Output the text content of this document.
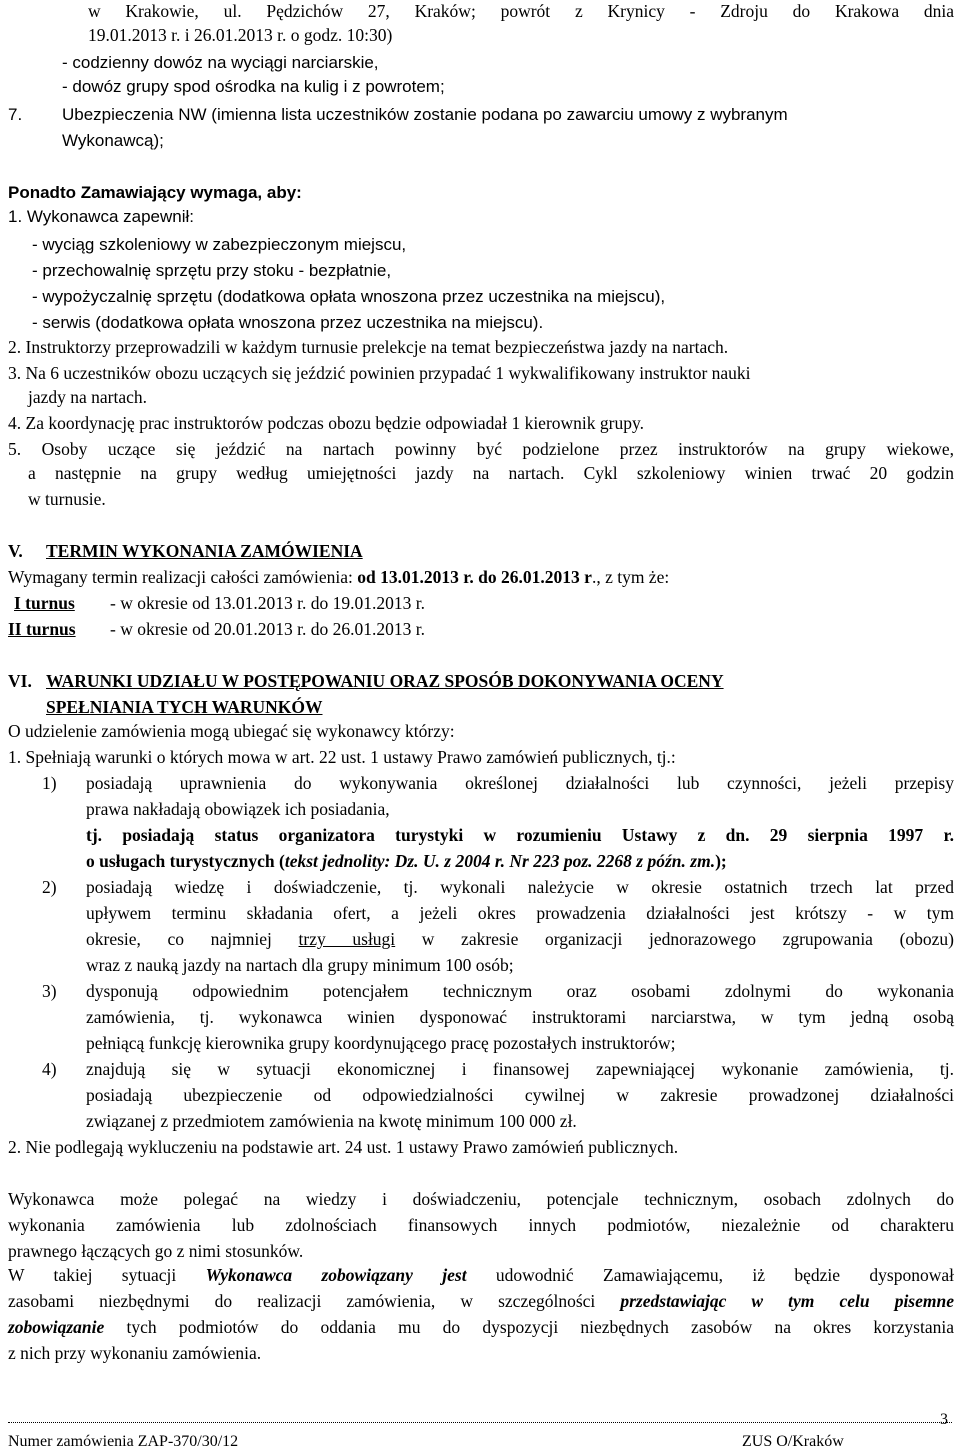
w Krakowie, ul. Pędzichów 27, Kraków; powrót z Krynicy - Zdroju do Krakowa dnia
19.01.2013 r. i 26.01.2013 r. o godz. 10:30)
- codzienny dowóz na wyciągi narciarskie,
- dowóz grupy spod ośrodka na kulig i z powrotem;
7. Ubezpieczenia NW (imienna lista uczestników zostanie podana po zawarciu umowy z wybranym
Wykonawcą);
Ponadto Zamawiający wymaga, aby:
1. Wykonawca zapewnił:
- wyciąg szkoleniowy w zabezpieczonym miejscu,
- przechowalnię sprzętu przy stoku - bezpłatnie,
- wypożyczalnię sprzętu (dodatkowa opłata wnoszona przez uczestnika na miejscu),
- serwis (dodatkowa opłata wnoszona przez uczestnika na miejscu).
2. Instruktorzy przeprowadzili w każdym turnusie prelekcje na temat bezpieczeństwa jazdy na nartach.
3. Na 6 uczestników obozu uczących się jeździć powinien przypadać 1 wykwalifikowany instruktor nauki
jazdy na nartach.
4. Za koordynację prac instruktorów podczas obozu będzie odpowiadał 1 kierownik grupy.
5. Osoby uczące się jeździć na nartach powinny być podzielone przez instruktorów na grupy wiekowe,
a następnie na grupy według umiejętności jazdy na nartach. Cykl szkoleniowy winien trwać 20 godzin
w turnusie.
V. TERMIN WYKONANIA ZAMÓWIENIA
Wymagany termin realizacji całości zamówienia: od 13.01.2013 r. do 26.01.2013 r., z tym że:
I turnus - w okresie od 13.01.2013 r. do 19.01.2013 r.
II turnus - w okresie od 20.01.2013 r. do 26.01.2013 r.
VI. WARUNKI UDZIAŁU W POSTĘPOWANIU ORAZ SPOSÓB DOKONYWANIA OCENY
SPEŁNIANIA TYCH WARUNKÓW
O udzielenie zamówienia mogą ubiegać się wykonawcy którzy:
1. Spełniają warunki o których mowa w art. 22 ust. 1 ustawy Prawo zamówień publicznych, tj.:
1) posiadają uprawnienia do wykonywania określonej działalności lub czynności, jeżeli przepisy
prawa nakładają obowiązek ich posiadania,
tj. posiadają status organizatora turystyki w rozumieniu Ustawy z dn. 29 sierpnia 1997 r.
o usługach turystycznych (tekst jednolity: Dz. U. z 2004 r. Nr 223 poz. 2268 z późn. zm.);
2) posiadają wiedzę i doświadczenie, tj. wykonali należycie w okresie ostatnich trzech lat przed
upływem terminu składania ofert, a jeżeli okres prowadzenia działalności jest krótszy - w tym
okresie, co najmniej trzy usługi w zakresie organizacji jednorazowego zgrupowania (obozu)
wraz z nauką jazdy na nartach dla grupy minimum 100 osób;
3) dysponują odpowiednim potencjałem technicznym oraz osobami zdolnymi do wykonania
zamówienia, tj. wykonawca winien dysponować instruktorami narciarstwa, w tym jedną osobą
pełniącą funkcję kierownika grupy koordynującego pracę pozostałych instruktorów;
4) znajdują się w sytuacji ekonomicznej i finansowej zapewniającej wykonanie zamówienia, tj.
posiadają ubezpieczenie od odpowiedzialności cywilnej w zakresie prowadzonej działalności
związanej z przedmiotem zamówienia na kwotę minimum 100 000 zł.
2. Nie podlegają wykluczeniu na podstawie art. 24 ust. 1 ustawy Prawo zamówień publicznych.
Wykonawca może polegać na wiedzy i doświadczeniu, potencjale technicznym, osobach zdolnych do
wykonania zamówienia lub zdolnościach finansowych innych podmiotów, niezależnie od charakteru
prawnego łączących go z nimi stosunków.
W takiej sytuacji Wykonawca zobowiązany jest udowodnić Zamawiającemu, iż będzie dysponował
zasobami niezbędnymi do realizacji zamówienia, w szczególności przedstawiając w tym celu pisemne
zobowiązanie tych podmiotów do oddania mu do dyspozycji niezbędnych zasobów na okres korzystania
z nich przy wykonaniu zamówienia.
3
Numer zamówienia ZAP-370/30/12	ZUS O/Kraków
